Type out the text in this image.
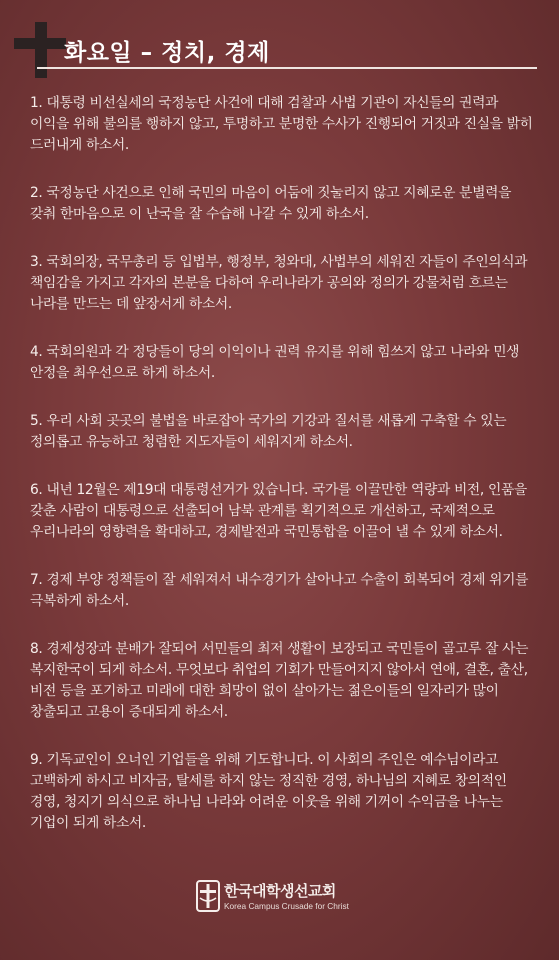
화요일 – 정치, 경제

1. 대통령 비선실세의 국정농단 사건에 대해 검찰과 사법 기관이 자신들의 권력과 이익을 위해 불의를 행하지 않고, 투명하고 분명한 수사가 진행되어 거짓과 진실을 밝히 드러내게 하소서.

2. 국정농단 사건으로 인해 국민의 마음이 어둠에 짓눌리지 않고 지혜로운 분별력을 갖춰 한마음으로 이 난국을 잘 수습해 나갈 수 있게 하소서.

3. 국회의장, 국무총리 등 입법부, 행정부, 청와대, 사법부의 세워진 자들이 주인의식과 책임감을 가지고 각자의 본분을 다하여 우리나라가 공의와 정의가 강물처럼 흐르는 나라를 만드는 데 앞장서게 하소서.

4. 국회의원과 각 정당들이 당의 이익이나 권력 유지를 위해 힘쓰지 않고 나라와 민생 안정을 최우선으로 하게 하소서.

5. 우리 사회 곳곳의 불법을 바로잡아 국가의 기강과 질서를 새롭게 구축할 수 있는 정의롭고 유능하고 청렴한 지도자들이 세워지게 하소서.

6. 내년 12월은 제19대 대통령선거가 있습니다. 국가를 이끌만한 역량과 비전, 인품을 갖춘 사람이 대통령으로 선출되어 남북 관계를 획기적으로 개선하고, 국제적으로 우리나라의 영향력을 확대하고, 경제발전과 국민통합을 이끌어 낼 수 있게 하소서.

7. 경제 부양 정책들이 잘 세워져서 내수경기가 살아나고 수출이 회복되어 경제 위기를 극복하게 하소서.

8. 경제성장과 분배가 잘되어 서민들의 최저 생활이 보장되고 국민들이 골고루 잘 사는 복지한국이 되게 하소서. 무엇보다 취업의 기회가 만들어지지 않아서 연애, 결혼, 출산, 비전 등을 포기하고 미래에 대한 희망이 없이 살아가는 젊은이들의 일자리가 많이 창출되고 고용이 증대되게 하소서.

9. 기독교인이 오너인 기업들을 위해 기도합니다. 이 사회의 주인은 예수님이라고 고백하게 하시고 비자금, 탈세를 하지 않는 정직한 경영, 하나님의 지혜로 창의적인 경영, 청지기 의식으로 하나님 나라와 어려운 이웃을 위해 기꺼이 수익금을 나누는 기업이 되게 하소서.

한국대학생선교회
Korea Campus Crusade for Christ
